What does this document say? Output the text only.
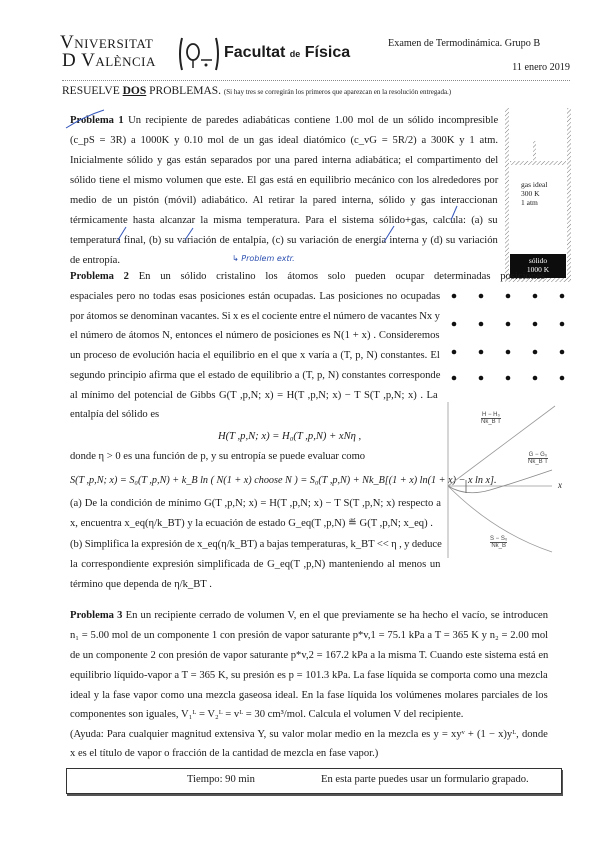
Vniversitat
D València	Facultat de Física
Examen de Termodinámica. Grupo B
11 enero 2019
RESUELVE DOS PROBLEMAS. (Si hay tres se corregirán los primeros que aparezcan en la resolución entregada.)
Problema 1 Un recipiente de paredes adiabáticas contiene 1.00 mol de un sólido incompresible
(c_pS = 3R) a 1000K y 0.10 mol de un gas ideal diatómico (c_vG = 5R/2) a 300K y 1 atm.
Inicialmente sólido y gas están separados por una pared interna adiabática; el compartimento del
sólido tiene el mismo volumen que este. El gas está en equilibrio mecánico con los alrededores por
medio de un pistón (móvil) adiabático. Al retirar la pared interna, sólido y gas interaccionan
térmicamente hasta alcanzar la misma temperatura. Para el sistema sólido+gas, calcula: (a) su
temperatura final, (b) su variación de entalpía, (c) su variación de energía interna y (d) su variación
de entropía.	↳ Problem extr.
gas ideal
300 K
1 atm
sólido
1000 K
Problema 2 En un sólido cristalino los átomos solo pueden ocupar determinadas posiciones
espaciales pero no todas esas posiciones están ocupadas. Las posiciones no ocupadas
por átomos se denominan vacantes. Si x es el cociente entre el número de vacantes Nx y
el número de átomos N, entonces el número de posiciones es N(1 + x) . Consideremos
un proceso de evolución hacia el equilibrio en el que x varía a (T, p, N) constantes. El
segundo principio afirma que el estado de equilibrio a (T, p, N) constantes corresponde
al mínimo del potencial de Gibbs G(T ,p,N; x) = H(T ,p,N; x) − T S(T ,p,N; x) . La
entalpía del sólido es
H(T ,p,N; x) = H₀(T ,p,N) + xNη ,
donde η > 0 es una función de p, y su entropía se puede evaluar como
S(T ,p,N; x) = S₀(T ,p,N) + k_B ln ( N(1 + x) choose N ) = S₀(T ,p,N) + Nk_B[(1 + x) ln(1 + x) − x ln x].
(a) De la condición de mínimo G(T ,p,N; x) = H(T ,p,N; x) − T S(T ,p,N; x) respecto a
x, encuentra x_eq(η/k_BT) y la ecuación de estado G_eq(T ,p,N) ≝ G(T ,p,N; x_eq) .
(b) Simplifica la expresión de x_eq(η/k_BT) a bajas temperaturas, k_BT << η , y deduce
la correspondiente expresión simplificada de G_eq(T ,p,N) manteniendo al menos un
término que dependa de η/k_BT .
$\frac{\text{H − H₀}}{\text{Nk\_B T}}$
$\frac{\text{G − G₀}}{\text{Nk\_B T}}$
$\frac{\text{S − S₀}}{Nk\_B}$
x
Problema 3 En un recipiente cerrado de volumen V, en el que previamente se ha hecho el vacío, se introducen
n₁ = 5.00 mol de un componente 1 con presión de vapor saturante p*v,1 = 75.1 kPa a T = 365 K y n₂ = 2.00 mol
de un componente 2 con presión de vapor saturante p*v,2 = 167.2 kPa a la misma T. Cuando este sistema está en
equilibrio líquido-vapor a T = 365 K, su presión es p = 101.3 kPa. La fase líquida se comporta como una mezcla
ideal y la fase vapor como una mezcla gaseosa ideal. En la fase líquida los volúmenes molares parciales de los
componentes son iguales, V₁ᴸ = V₂ᴸ = vᴸ = 30 cm³/mol. Calcula el volumen V del recipiente.
(Ayuda: Para cualquier magnitud extensiva Y, su valor molar medio en la mezcla es y = xyᵛ + (1 − x)yᴸ, donde
x es el título de vapor o fracción de la cantidad de mezcla en fase vapor.)
Tiempo: 90 min	En esta parte puedes usar un formulario grapado.
